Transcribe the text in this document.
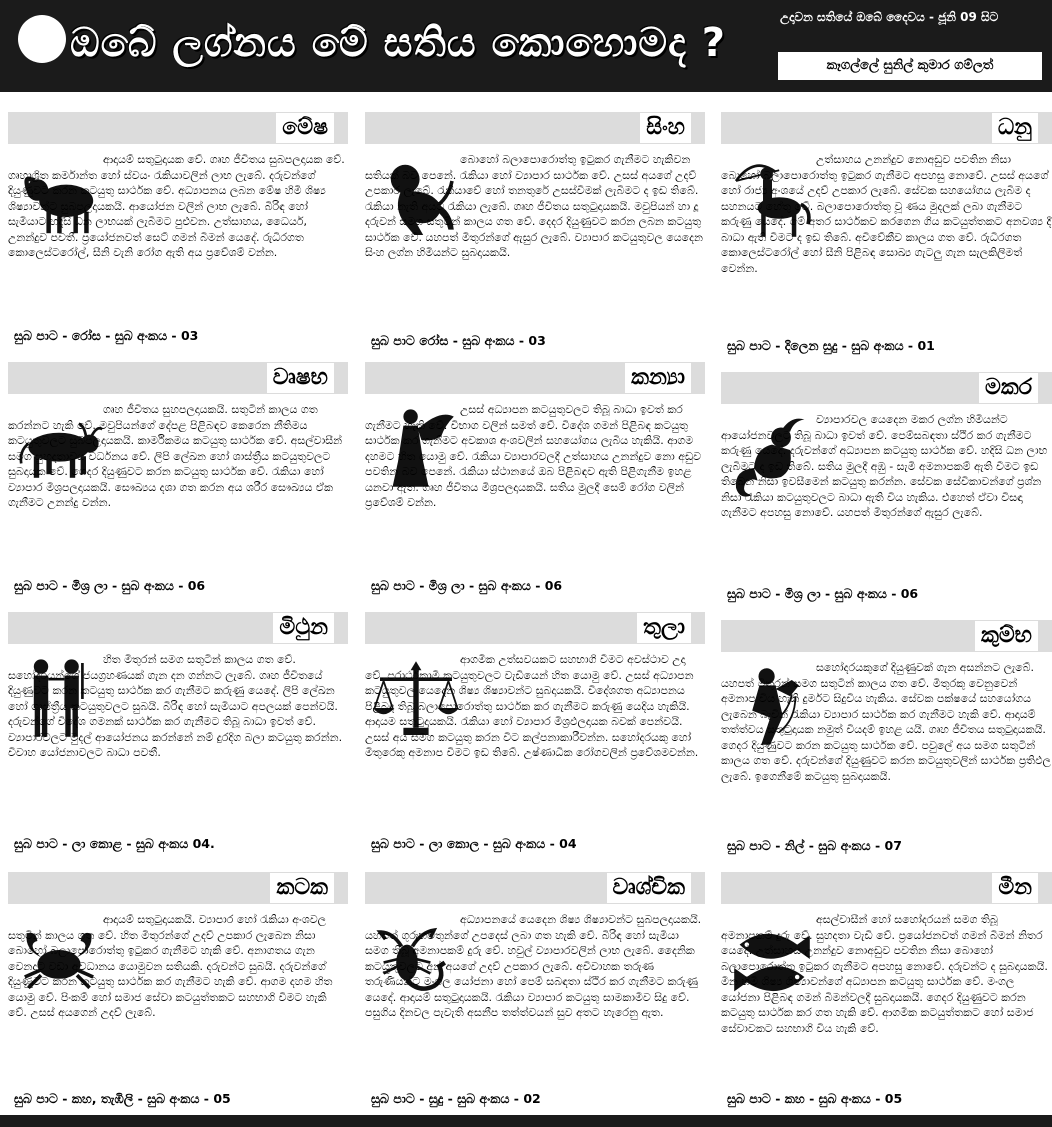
ඔබේ ලග්නය මේ සතිය කොහොමද ?
උදාවන සතියේ ඔබේ දෛවය - ජූනි 09 සිට
කෑගල්ලේ සුනිල් කුමාර ගම්ලත්
මේෂ
ආදායම් සතුටුදායක වේ. ගෘහ ජීවිතය සුබපලදායක වේ. ගෘහාශ්‍රිත කර්මාන්ත හෝ ස්වයං රැකියාවලින් ලාභ ලැබේ. දරුවන්ගේ දියුණුවට කරන කටයුතු සාර්ථක වේ. අධ්‍යාපනය ලබන මේෂ හිමි ශිෂ්‍ය ශිෂ්‍යාවන්ට සුබපලදායකයි. ආයෝජන වලින් ලාභ ලැබේ. බිරිඳ හෝ සැමියාට හදිසි ධන ලාභයක් ලැබීමට පුළුවන. උත්සාහය, ධෛර්ය, උනන්දුව පවතී. ප්‍රයෝජනවත් සෙට් ගමන් බිමන් යෙදේ. රුධිරගත කොලෙස්ටරෝල්, සීනි වැනි රෝග ඇති අය ප්‍රවේශම් වන්න.
සුබ පාට - රෝස - සුබ අංකය - 03
සිංහ
බොහෝ බලාපොරොත්තු ඉටුකර ගැනීමට හැකිවන සතියක් බව පෙනේ. රැකියා හෝ ව්‍යාපාර සාර්ථක වේ. උසස් අයගේ උදව් උපකාර ලැබේ. රැකියාවේ හෝ තනතුරේ උසස්වීමක් ලැබීමට ද ඉඩ තිබේ. රැකියා නැති අයට රැකියා ලැබේ. ගෘහ ජීවිතය සතුටුදායකයි. මවුපියන් හා දූ දරුවන් සමග සතුටින් කාලය ගත වේ. දෙදර දියුණුවට කරන ලබන කටයුතු සාර්ථක වේ. යහපත් මිතුරන්ගේ ඇසුර ලැබේ. ව්‍යාපාර කටයුතුවල යෙදෙන සිංහ ලග්න හිමියන්ට සුබදායකයි.
සුබ පාට රෝස - සුබ අංකය - 03
ධනු
උත්සාහය උනන්දුව නොඅඩුව පවතින නිසා බොහෝ බලාපොරොත්තු ඉටුකර ගැනීමට අපහසු නොවේ. උසස් අයගේ හෝ රාජ්‍ය අංශයේ උදව් උපකාර ලැබේ. සේවක සහයෝගය ලැබීම ද සහනයට හේතු වේ. බලාපොරොත්තු වූ ණය මුදලක් ලබා ගැනීමට කරුණු යෙදේ. මේ අතර සාර්ථකව කරගෙන ගිය කටයුත්තකට අනවශ්‍ය දී බාධා ඇති වීමට ද ඉඩ තිබේ. අවිවේකීව කාලය ගත වේ. රුධිරගත කොලෙස්ටරෝල් හෝ සීනි පිළිබඳ සොඛ්‍ය ගැටලු ගැන සැලකිලිමත් වෙන්න.
සුබ පාට - දිලෙන සුදු - සුබ අංකය - 01
වෘෂභ
ගෘහ ජීවිතය සුහපලදායකයි. සතුටින් කාලය ගත කරන්නට හැකි වේ. මවුපියන්ගේ දේපළ පිළිබඳව කෙරෙන නීතිමය කටයුතුවලට සුබපලදායකයි. කාර්මිකමය කටයුතු සාර්ථක වේ. අසල්වාසීන් සමග සුහදතාවය වර්ධනය වේ. ලිපි ලේඛන හෝ ශාස්ත්‍රීය කටයුතුවලට සුබදායක වේ. ගෙදර දියුණුවට කරන කටයුතු සාර්ථක වේ. රැකියා හෝ ව්‍යාපාර මිශ්‍රපලදායකයි. සෞඛ්‍යය දශා ගත කරන අය ශරීර සෞඛ්‍යය ඒක ගැනීමට උනන්දු වන්න.
සුබ පාට - මිශ්‍ර ලා - සුබ අංකය - 06
කන්‍යා
උසස් අධ්‍යාපන කටයුතුවලට තිබූ බාධා ඉවත් කර ගැනීමට හැකි වේ. විභාග වලින් සමත් වේ. විදේශ ගමන් පිළිබඳ කටයුතු සාර්ථක කර ගැනීමට අවකාශ අංශවලින් සහයෝගය ලැබිය හැකියි. ආගම දහමට හිත යොමු වේ. රැකියා ව්‍යාපාරවලදී උත්සාහය උනන්දුව නො අඩුව පවතින බව පෙනේ. රැකියා ස්ථානයේ ඔබ පිළිබඳව ඇති පිළිගැනීම ඉහළ යනවා ඇත. ගෘහ ජීවිතය මිශ්‍රපලදායකයි. සතිය මුලදී සෙම් රෝග වලින් ප්‍රවේශම් වන්න.
සුබ පාට - මිශ්‍ර ලා - සුබ අංකය - 06
මකර
ව්‍යාපාරවල යෙදෙන මකර ලග්න හිමියන්ට ආයෝජනවලට තිබූ බාධා ඉවත් වේ. පෙම්සබඳතා ස්ථිර කර ගැනීමට කරුණු යෙදේ. දරුවන්ගේ අධ්‍යාපන කටයුතු සාර්ථක වේ. හදිසි ධන ලාභ ලැබීමට ද ඉඩ තිබේ. සතිය මුලදී අඹු - සැමි අමනාපකම් ඇති වීමට ඉඩ තිබෙන නිසා ඉවසීමෙන් කටයුතු කරන්න. සේවක සේවිකාවන්ගේ ප්‍රශ්න නිසා රැකියා කටයුතුවලට බාධා ඇති විය හැකිය. එහෙත් ඒවා විසඳා ගැනීමට අපහසු නොවේ. යහපත් මිතුරන්ගේ ඇසුර ලැබේ.
සුබ පාට - මිශ්‍ර ලා - සුබ අංකය - 06
මිථුන
හිත මිතුරන් සමග සතුටින් කාලය ගත වේ. සහෝදරයන්ගේ ජයග්‍රහණයක් ගැන දන ගන්නට ලැබේ. ගෘහ ජීවිතයේ දියුණුවට කරන කටයුතු සාර්ථක කර ගැනීමට කරුණු යෙදේ. ලිපි ලේඛන හෝ ශාස්ත්‍රීය කටයුතුවලට සුබයි. බිරිඳ හෝ සැමියාට අපලයක් පෙන්වයි. දරුවන්ගේ විදේශ ගමනක් සාර්ථක කර ගැනීමට තිබූ බාධා ඉවත් වේ. ව්‍යාපාරවලට මුදල් ආයෝජනය කරන්නේ නම් දුරදිග බලා කටයුතු කරන්න. විවාහ යෝජනාවලට බාධා පවතී.
සුබ පාට - ලා කොළ - සුබ අංකය 04.
තුලා
ආගමික උත්සවයකට සහභාගි වීමට අවස්ථාව උදා වේ. පරාර්ථකාමී කටයුතුවලට වැඩියෙන් හිත යොමු වේ. උසස් අධ්‍යාපන කටයුතුවල යෙදෙන ශිෂ්‍ය ශිෂ්‍යාවන්ට සුබදායකයි. විදේශගත අධ්‍යාපනය පිළිබඳ තිබූ බලාපොරොත්තු සාර්ථක කර ගැනීමට කරුණු යෙදිය හැකියි. ආදායම සතුටුදායකයි. රැකියා හෝ ව්‍යාපාර මිශ්‍රඵලදායක බවක් පෙන්වයි. උසස් අය සමග කටයුතු කරන විට කල්පනාකාරීවන්න. සහෝදරයකු හෝ මිතුරෙකු අමනාප වීමට ඉඩ තිබේ. උෂ්ණාධික රෝගවලින් ප්‍රවේශමවන්න.
සුබ පාට - ලා කොල - සුබ අංකය - 04
කුම්භ
සහෝදරයකුගේ දියුණුවක් ගැන අසන්නට ලැබේ. යහපත් මිතුරන් සමග සතුටින් කාලය ගත වේ. මිතුරකු වෙනුවෙන් අමනාප විය හැකි දුර්මට සිදුවිය හැකිය. සේවක පක්ෂයේ සහයෝගය ලැබෙන බැවින් රැකියා ව්‍යාපාර සාර්ථක කර ගැනීමට හැකි වේ. ආදායම් තත්ත්වය සතුටුදායක නමුත් වියදම් ඉහළ යයි. ගෘහ ජීවිතය සතුටුදායකයි. ගෙදර දියුණුවට කරන කටයුතු සාර්ථක වේ. පවුලේ අය සමග සතුටින් කාලය ගත වේ. දරුවන්ගේ දියුණුවට කරන කටයුතුවලින් සාර්ථක ප්‍රතිඵල ලැබේ. ඉගෙනීමේ කටයුතු සුබදායකයි.
සුබ පාට - නිල් - සුබ අංකය - 07
කටක
ආදායම් සතුටුදායකයි. ව්‍යාපාර හෝ රැකියා අංශවල සතුටින් කාලය ගත වේ. හිත මිතුරන්ගේ උදව් උපකාර ලැබෙන නිසා බොහෝ බලාපොරොත්තු ඉටුකර ගැනීමට හැකි වේ. අනාගතය ගැන වෙනදාට වඩා අවධානය යොමුවන සතියකි. දරුවන්ට සුබයි. දරුවන්ගේ දියුණුවට කරන කටයුතු සාර්ථක කර ගැනීමට හැකි වේ. ආගම දහම හිත යොමු වේ. පිංකම් හෝ සමාජ සේවා කටයුත්තකට සහභාගි වීමට හැකි වේ. උසස් අයගෙන් උදව් ලැබේ.
සුබ පාට - කහ, තැඹිලි - සුබ අංකය - 05
වෘශ්චික
අධ්‍යාපනයේ යෙදෙන ශිෂ්‍ය ශිෂ්‍යාවන්ට සුබපලදායකයි. යහපත් ගුරුභවතුන්ගේ උපදෙස් ලබා ගත හැකි වේ. බිරිඳ හෝ සැමියා සමග තිබූ අමනාපකම් දුරු වේ. හවුල් ව්‍යාපාරවලින් ලාභ ලැබේ. දෛනික කටයුතුවලට අන් අයගේ උදව් උපකාර ලැබේ. අවිවාහක තරුණ තරුණියන්ට මංගල යෝජනා හෝ පෙම් සබඳතා ස්ථිර කර ගැනීමට කරුණු යෙදේ. ආදායම් සතුටුදායකයි. රැකියා ව්‍යාපාර කටයුතු සාමකාමීව සිදු වේ. පසුගිය දිනවල පැවැති අසනීප තත්ත්වයන් සුව අතට හැරෙනු ඇත.
සුබ පාට - සුදු - සුබ අංකය - 02
මීන
අසල්වාසීන් හෝ සහෝදරයන් සමග තිබූ අමනාපකම් දුරු වේ. සුහදතා වැඩි වේ. ප්‍රයෝජනවත් ගමන් බිමන් නිතර යෙදේ. උත්සාහය උනන්දුව නොඅඩුව පවතින නිසා බොහෝ බලාපොරොත්තු ඉටුකර ගැනීමට අපහසු නොවේ. දරුවන්ට ද සුබදායකයි. මීන හිමි ශිෂ්‍ය ශිෂ්‍යාවන්ගේ අධ්‍යාපන කටයුතු සාර්ථක වේ. මංගල යෝජනා පිළිබඳ ගමන් බිමන්වලදී සුබදායකයි. ගෙදර දියුණුවට කරන කටයුතු සාර්ථක කර ගත හැකි වේ. ආගමික කටයුත්තකට හෝ සමාජ සේවාවකට සහභාගි විය හැකි වේ.
සුබ පාට - කහ - සුබ අංකය - 05
